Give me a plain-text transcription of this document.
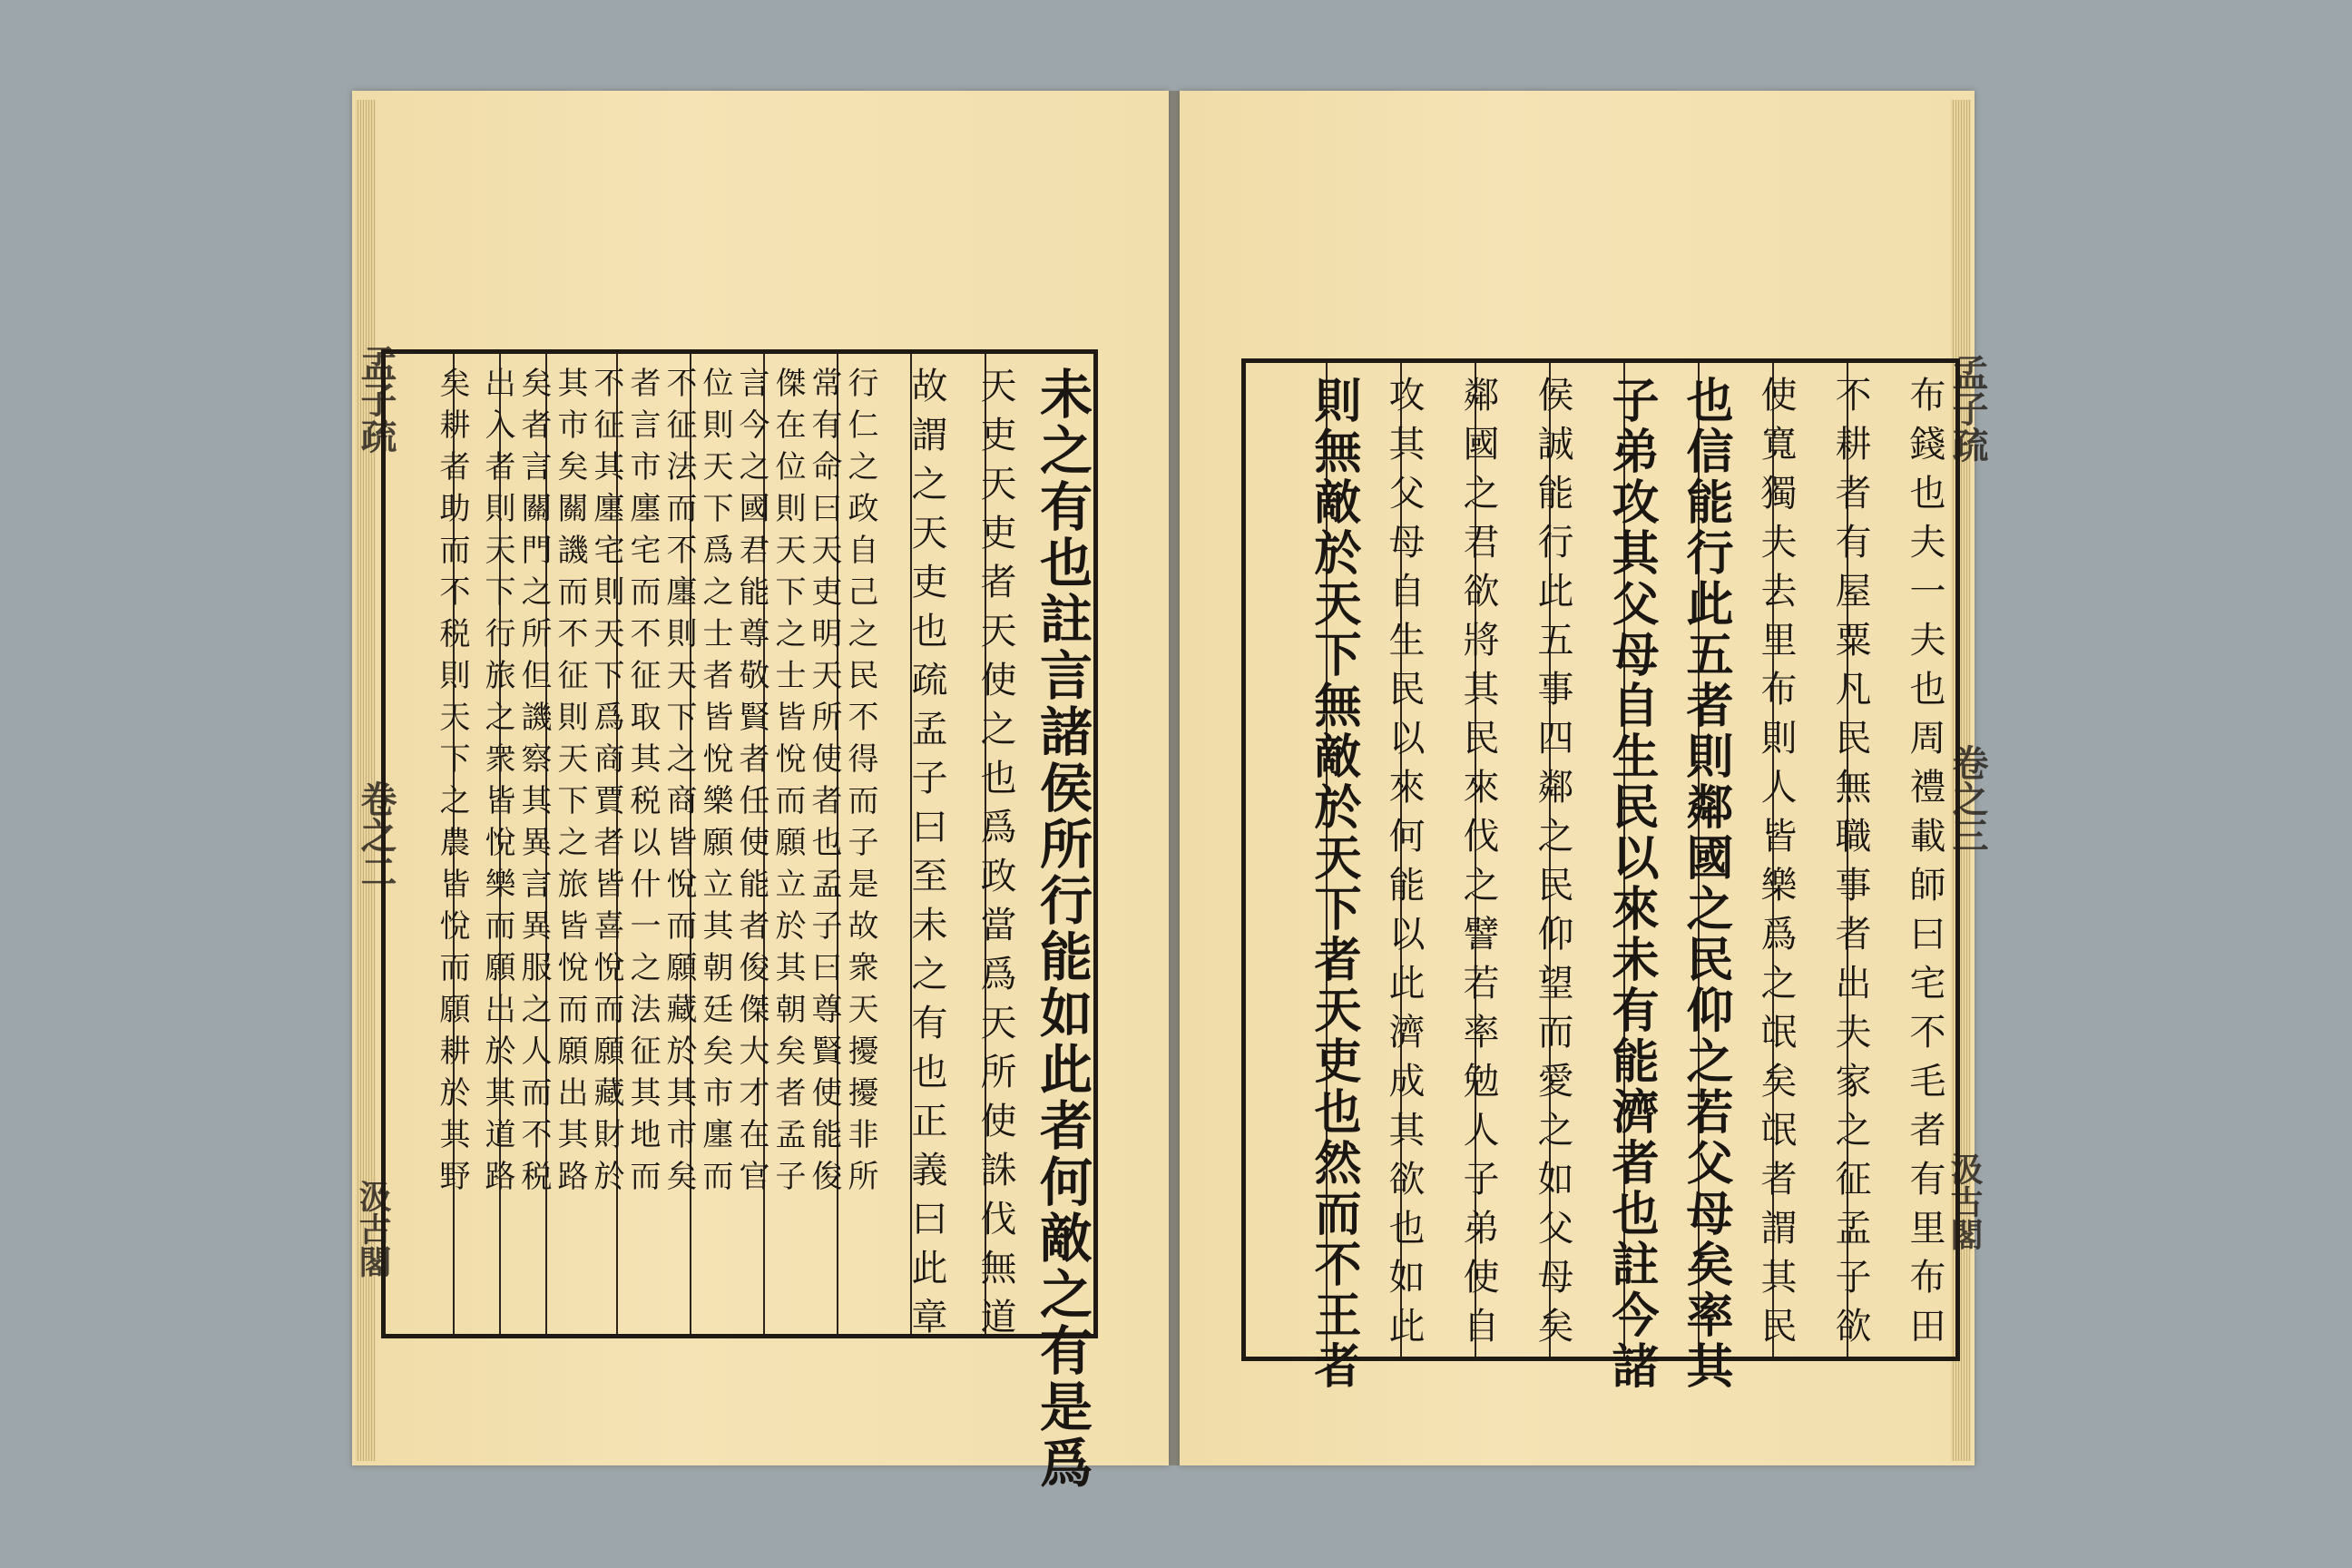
孟子疏
卷之二
汲古閣
孟子疏
卷之三
汲古閣
未之有也註言諸侯所行能如此者何敵之有是爲
天吏天吏者天使之也爲政當爲天所使誅伐無道
故謂之天吏也疏孟子曰至未之有也正義曰此章
行仁之政自己之民不得而子是故衆天擾擾非所
常有命曰天吏明天所使者也孟子曰尊賢使能俊
傑在位則天下之士皆悅而願立於其朝矣者孟子
言今之國君能尊敬賢者任使能者俊傑大才在官
位則天下爲之士者皆悅樂願立其朝廷矣市廛而
不征法而不廛則天下之商皆悅而願藏於其市矣
者言市廛宅而不征取其税以什一之法征其地而
不征其廛宅則天下爲商賈者皆喜悅而願藏財於
其市矣關譏而不征則天下之旅皆悅而願出其路
矣者言關門之所但譏察其異言異服之人而不税
出入者則天下行旅之衆皆悅樂而願出於其道路
矣耕者助而不税則天下之農皆悅而願耕於其野	布錢也夫一夫也周禮載師曰宅不毛者有里布田
不耕者有屋粟凡民無職事者出夫家之征孟子欲
使寬獨夫去里布則人皆樂爲之氓矣氓者謂其民
也信能行此五者則鄰國之民仰之若父母矣率其
子弟攻其父母自生民以來未有能濟者也註今諸
侯誠能行此五事四鄰之民仰望而愛之如父母矣
鄰國之君欲將其民來伐之譬若率勉人子弟使自
攻其父母自生民以來何能以此濟成其欲也如此
則無敵於天下無敵於天下者天吏也然而不王者
